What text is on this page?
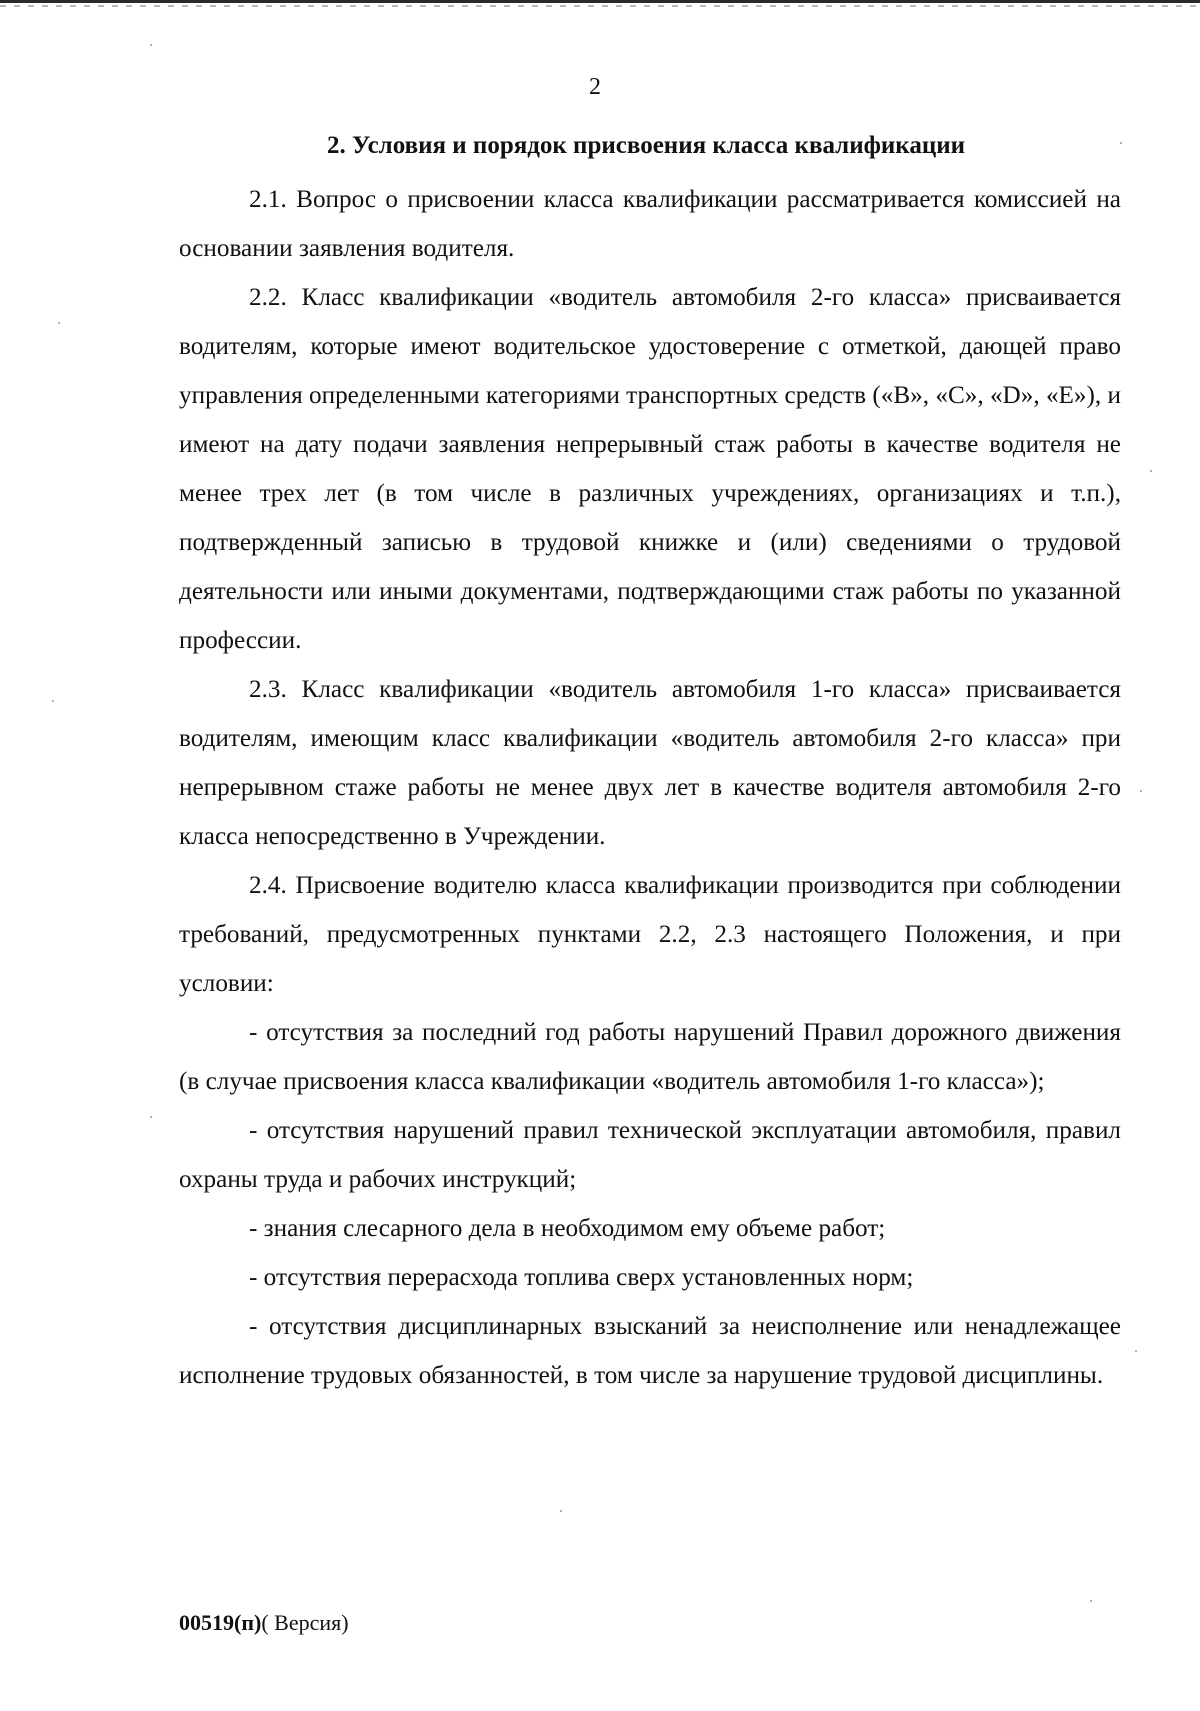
2
2. Условия и порядок присвоения класса квалификации

2.1. Вопрос о присвоении класса квалификации рассматривается комиссией на основании заявления водителя.

2.2. Класс квалификации «водитель автомобиля 2-го класса» присваивается водителям, которые имеют водительское удостоверение с отметкой, дающей право управления определенными категориями транспортных средств («В», «С», «D», «Е»), и имеют на дату подачи заявления непрерывный стаж работы в качестве водителя не менее трех лет (в том числе в различных учреждениях, организациях и т.п.), подтвержденный записью в трудовой книжке и (или) сведениями о трудовой деятельности или иными документами, подтверждающими стаж работы по указанной профессии.

2.3. Класс квалификации «водитель автомобиля 1-го класса» присваивается водителям, имеющим класс квалификации «водитель автомобиля 2-го класса» при непрерывном стаже работы не менее двух лет в качестве водителя автомобиля 2-го класса непосредственно в Учреждении.

2.4. Присвоение водителю класса квалификации производится при соблюдении требований, предусмотренных пунктами 2.2, 2.3 настоящего Положения, и при условии:

- отсутствия за последний год работы нарушений Правил дорожного движения (в случае присвоения класса квалификации «водитель автомобиля 1-го класса»);

- отсутствия нарушений правил технической эксплуатации автомобиля, правил охраны труда и рабочих инструкций;

- знания слесарного дела в необходимом ему объеме работ;

- отсутствия перерасхода топлива сверх установленных норм;

- отсутствия дисциплинарных взысканий за неисполнение или ненадлежащее исполнение трудовых обязанностей, в том числе за нарушение трудовой дисциплины.

00519(п)( Версия)
